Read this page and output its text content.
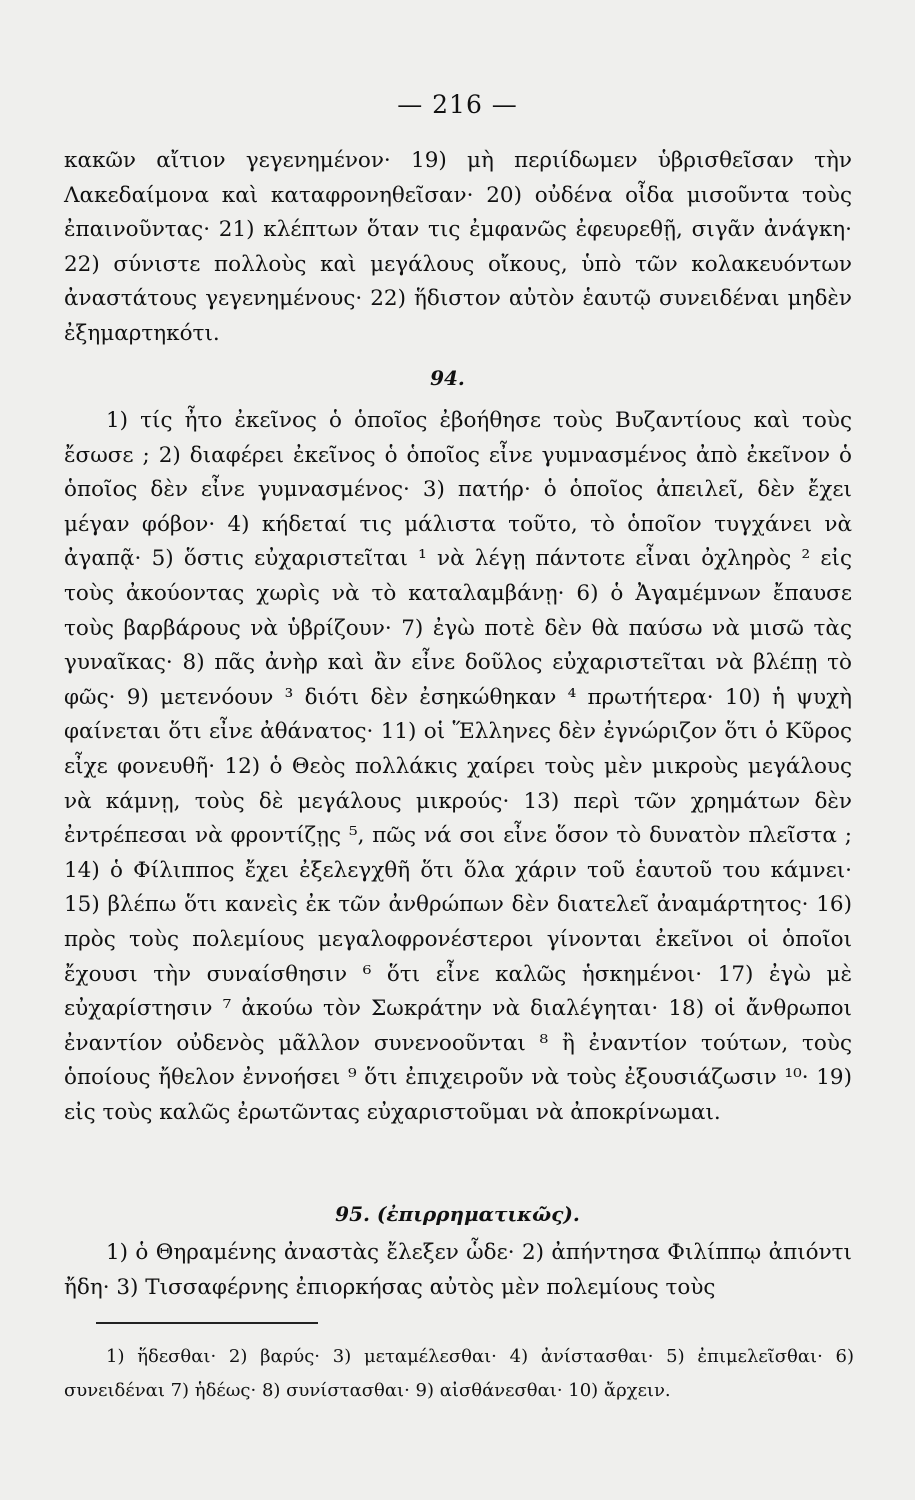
— 216 —

κακῶν αἴτιον γεγενημένον· 19) μὴ περιίδωμεν ὑβρισθεῖσαν τὴν Λακεδαίμονα καὶ καταφρονηθεῖσαν· 20) οὐδένα οἶδα μισοῦντα τοὺς ἐπαινοῦντας· 21) κλέπτων ὅταν τις ἐμφανῶς ἐφευρεθῇ, σιγᾶν ἀνάγκη· 22) σύνιστε πολλοὺς καὶ μεγάλους οἴκους, ὑπὸ τῶν κολακευόντων ἀναστάτους γεγενημένους· 22) ἥδιστον αὐτὸν ἑαυτῷ συνειδέναι μηδὲν ἐξημαρτηκότι.

94.

1) τίς ἦτο ἐκεῖνος ὁ ὁποῖος ἐβοήθησε τοὺς Βυζαντίους καὶ τοὺς ἔσωσε ; 2) διαφέρει ἐκεῖνος ὁ ὁποῖος εἶνε γυμνασμένος ἀπὸ ἐκεῖνον ὁ ὁποῖος δὲν εἶνε γυμνασμένος· 3) πατήρ· ὁ ὁποῖος ἀπειλεῖ, δὲν ἔχει μέγαν φόβον· 4) κήδεταί τις μάλιστα τοῦτο, τὸ ὁποῖον τυγχάνει νὰ ἀγαπᾷ· 5) ὅστις εὐχαριστεῖται ¹ νὰ λέγῃ πάντοτε εἶναι ὀχληρὸς ² εἰς τοὺς ἀκούοντας χωρὶς νὰ τὸ καταλαμβάνῃ· 6) ὁ Ἀγαμέμνων ἔπαυσε τοὺς βαρβάρους νὰ ὑβρίζουν· 7) ἐγὼ ποτὲ δὲν θὰ παύσω νὰ μισῶ τὰς γυναῖκας· 8) πᾶς ἀνὴρ καὶ ἂν εἶνε δοῦλος εὐχαριστεῖται νὰ βλέπῃ τὸ φῶς· 9) μετενόουν ³ διότι δὲν ἐσηκώθηκαν ⁴ πρωτήτερα· 10) ἡ ψυχὴ φαίνεται ὅτι εἶνε ἀθάνατος· 11) οἱ Ἕλληνες δὲν ἐγνώριζον ὅτι ὁ Κῦρος εἶχε φονευθῆ· 12) ὁ Θεὸς πολλάκις χαίρει τοὺς μὲν μικροὺς μεγάλους νὰ κάμνῃ, τοὺς δὲ μεγάλους μικρούς· 13) περὶ τῶν χρημάτων δὲν ἐντρέπεσαι νὰ φροντίζῃς ⁵, πῶς νά σοι εἶνε ὅσον τὸ δυνατὸν πλεῖστα ; 14) ὁ Φίλιππος ἔχει ἐξελεγχθῆ ὅτι ὅλα χάριν τοῦ ἑαυτοῦ του κάμνει· 15) βλέπω ὅτι κανεὶς ἐκ τῶν ἀνθρώπων δὲν διατελεῖ ἀναμάρτητος· 16) πρὸς τοὺς πολεμίους μεγαλοφρονέστεροι γίνονται ἐκεῖνοι οἱ ὁποῖοι ἔχουσι τὴν συναίσθησιν ⁶ ὅτι εἶνε καλῶς ἡσκημένοι· 17) ἐγὼ μὲ εὐχαρίστησιν ⁷ ἀκούω τὸν Σωκράτην νὰ διαλέγηται· 18) οἱ ἄνθρωποι ἐναντίον οὐδενὸς μᾶλλον συνενοοῦνται ⁸ ἢ ἐναντίον τούτων, τοὺς ὁποίους ἤθελον ἐννοήσει ⁹ ὅτι ἐπιχειροῦν νὰ τοὺς ἐξουσιάζωσιν ¹⁰· 19) εἰς τοὺς καλῶς ἐρωτῶντας εὐχαριστοῦμαι νὰ ἀποκρίνωμαι.

95. (ἐπιρρηματικῶς).

1) ὁ Θηραμένης ἀναστὰς ἔλεξεν ὧδε· 2) ἀπήντησα Φιλίππῳ ἀπιόντι ἤδη· 3) Τισσαφέρνης ἐπιορκήσας αὐτὸς μὲν πολεμίους τοὺς

1) ἥδεσθαι· 2) βαρύς· 3) μεταμέλεσθαι· 4) ἀνίστασθαι· 5) ἐπιμελεῖσθαι· 6) συνειδέναι 7) ἡδέως· 8) συνίστασθαι· 9) αἰσθάνεσθαι· 10) ἄρχειν.
